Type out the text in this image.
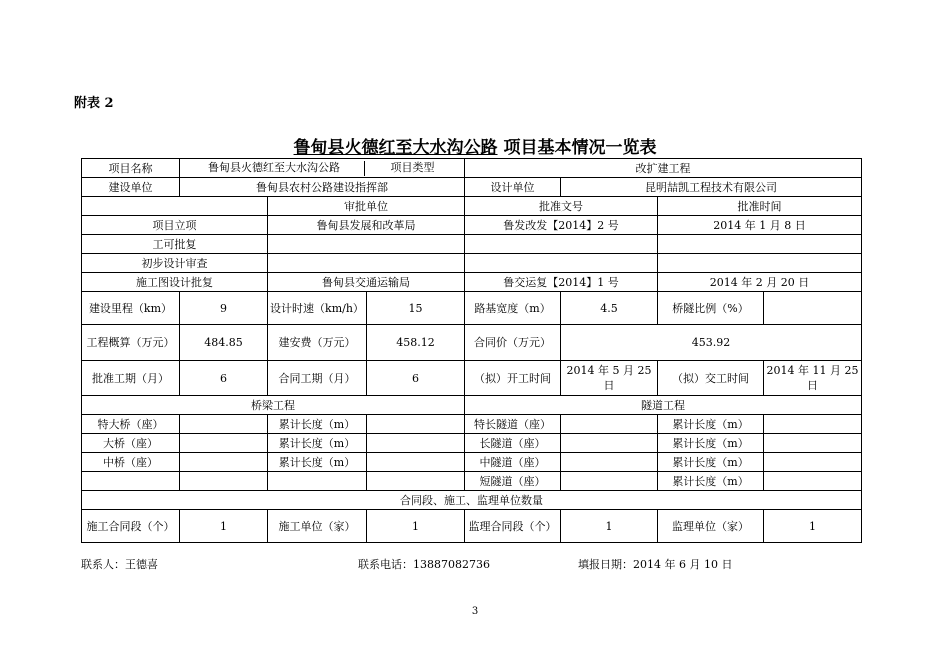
附表 2
鲁甸县火德红至大水沟公路 项目基本情况一览表
项目名称	鲁甸县火德红至大水沟公路 项目类型			改扩建工程			
建设单位	鲁甸县农村公路建设指挥部			设计单位	昆明喆凯工程技术有限公司		
		审批单位		批准文号		批准时间	
项目立项		鲁甸县发展和改革局		鲁发改发【2014】2 号		2014 年 1 月 8 日	
工可批复							
初步设计审查							
施工图设计批复		鲁甸县交通运输局		鲁交运复【2014】1 号		2014 年 2 月 20 日	
建设里程（km）	9	设计时速（km/h）	15	路基宽度（m）	4.5	桥隧比例（%）	
工程概算（万元）	484.85	建安费（万元）	458.12	合同价（万元）	453.92		
批准工期（月）	6	合同工期（月）	6	（拟）开工时间	2014 年 5 月 25 日	（拟）交工时间	2014 年 11 月 25 日
桥梁工程				隧道工程			
特大桥（座）		累计长度（m）		特长隧道（座）		累计长度（m）	
大桥（座）		累计长度（m）		长隧道（座）		累计长度（m）	
中桥（座）		累计长度（m）		中隧道（座）		累计长度（m）	
				短隧道（座）		累计长度（m）	
合同段、施工、监理单位数量							
施工合同段（个）	1	施工单位（家）	1	监理合同段（个）	1	监理单位（家）	1
联系人：王德喜	联系电话：13887082736	填报日期：2014 年 6 月 10 日
3
